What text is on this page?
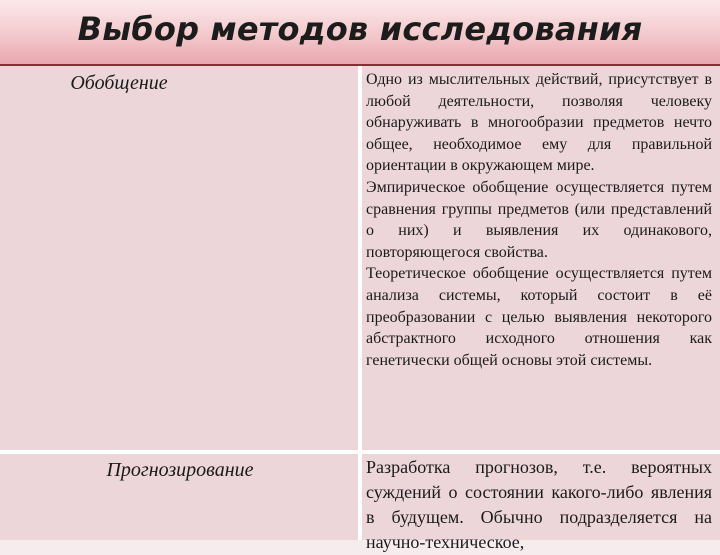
Выбор методов исследования
Обобщение	Одно из мыслительных действий, присутствует в любой деятельности, позволяя человеку обнаруживать в многообразии предметов нечто общее, необходимое ему для правильной ориентации в окружающем мире.

Эмпирическое обобщение осуществляется путем сравнения группы предметов (или представлений о них) и выявления их одинакового, повторяющегося свойства.

Теоретическое обобщение осуществляется путем анализа системы, который состоит в её преобразовании с целью выявления некоторого абстрактного исходного отношения как генетически общей основы этой системы.

Прогнозирование	Разработка прогнозов, т.е. вероятных суждений о состоянии какого-либо явления в будущем. Обычно подразделяется на научно-техническое,
